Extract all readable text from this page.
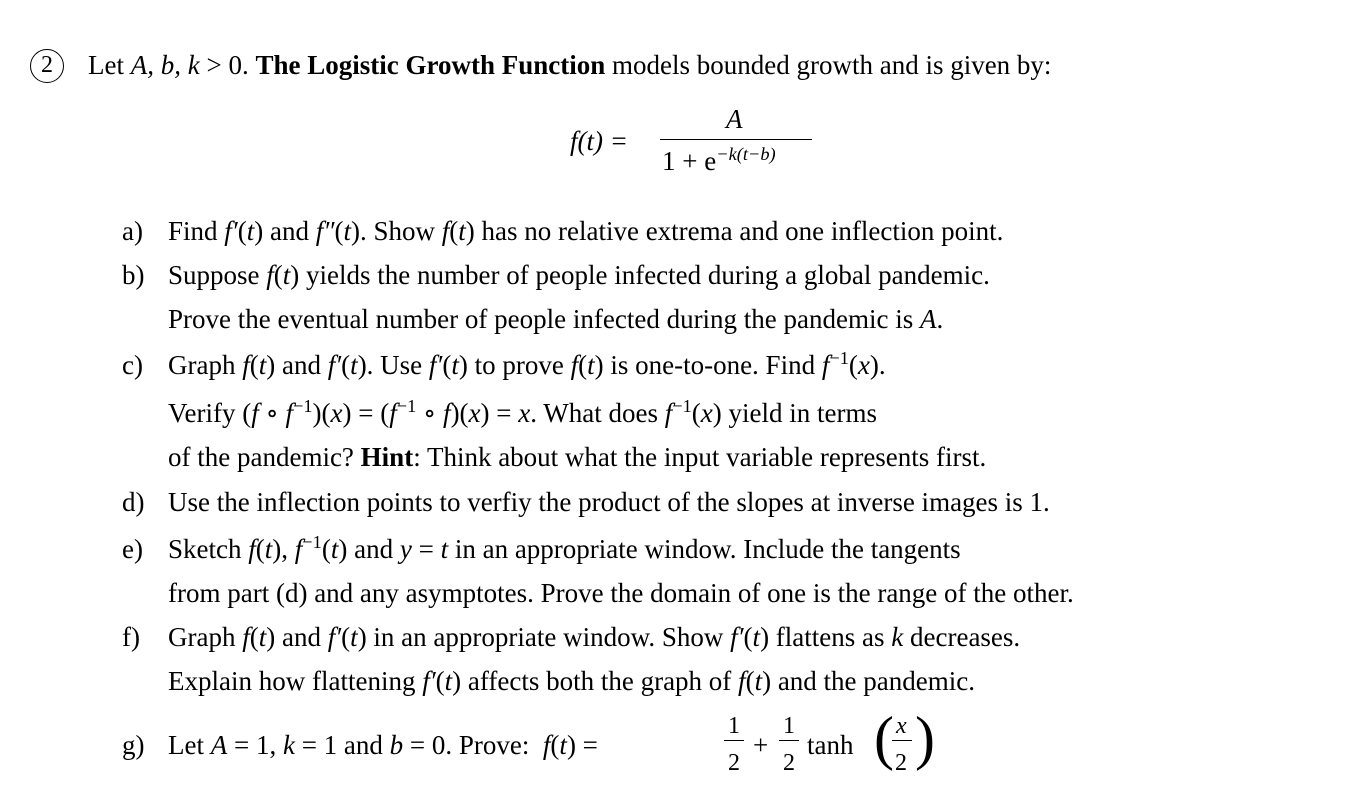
2	Let A, b, k > 0. The Logistic Growth Function models bounded growth and is given by:
f(t) =
A
$1 + e^{-k(t-b)}$
a) Find f′(t) and f″(t). Show f(t) has no relative extrema and one inflection point.
b) Suppose f(t) yields the number of people infected during a global pandemic.
Prove the eventual number of people infected during the pandemic is A.
c) Graph f(t) and f′(t). Use f′(t) to prove f(t) is one-to-one. Find $f^{-1}(x)$.
Verify (f ∘ $f^{-1})(x) = (f^{-1}$ ∘ f)(x) = x. What does $f^{-1}(x)$ yield in terms
of the pandemic? Hint: Think about what the input variable represents first.
d) Use the inflection points to verfiy the product of the slopes at inverse images is 1.
e) Sketch f(t), $f^{-1}(t)$ and y = t in an appropriate window. Include the tangents
from part (d) and any asymptotes. Prove the domain of one is the range of the other.
f) Graph f(t) and f′(t) in an appropriate window. Show f′(t) flattens as k decreases.
Explain how flattening f′(t) affects both the graph of f(t) and the pandemic.
g) Let A = 1, k = 1 and b = 0. Prove:  f(t) =
1
2
+
1
2
tanh ( x
2 )
